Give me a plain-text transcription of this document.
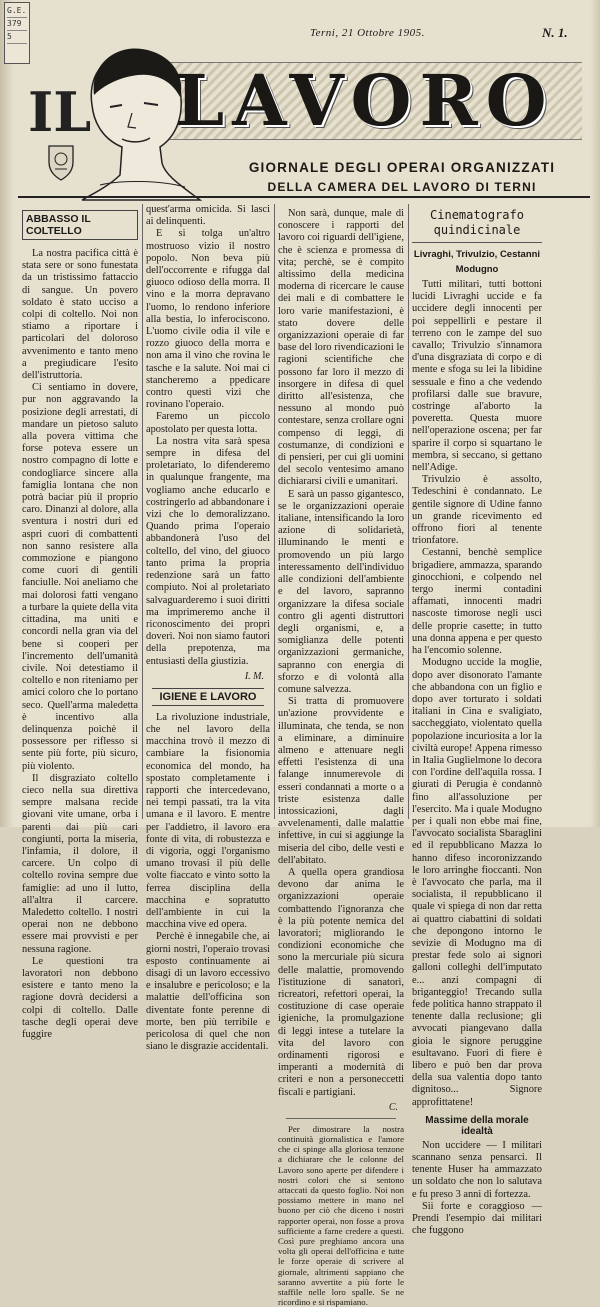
G.E.
379
5	Terni, 21 Ottobre 1905.	N. 1.
IL LAVORO
GIORNALE DEGLI OPERAI ORGANIZZATI
DELLA CAMERA DEL LAVORO DI TERNI
ABBASSO IL COLTELLO

La nostra pacifica città è stata sere or sono funestata da un tristissimo fattaccio di sangue. Un povero soldato è stato ucciso a colpi di coltello. Noi non stiamo a riportare i particolari del doloroso avvenimento e tanto meno a pregiudicare l'esito dell'istruttoria.

Ci sentiamo in dovere, pur non aggravando la posizione degli arrestati, di mandare un pietoso saluto alla povera vittima che forse poteva essere un nostro compagno di lotte e condogliarce sincere alla famiglia lontana che non potrà baciar più il proprio caro. Dinanzi al dolore, alla sventura i nostri duri ed aspri cuori di combattenti non sanno resistere alla commozione e piangono come cuori di gentili fanciulle. Noi aneliamo che mai dolorosi fatti vengano a turbare la quiete della vita cittadina, ma uniti e concordi nella gran via del bene si cooperi per l'incremento dell'umanità civile. Noi detestiamo il coltello e non riteniamo per amici coloro che lo portano seco. Quell'arma maledetta è incentivo alla delinquenza poichè il possessore per riflesso si sente più forte, più sicuro, più violento.

Il disgraziato coltello cieco nella sua direttiva sempre malsana recide giovani vite umane, orba i parenti dai più cari congiunti, porta la miseria, l'infamia, il dolore, il carcere. Un colpo di coltello rovina sempre due famiglie: ad uno il lutto, all'altra il carcere. Maledetto coltello. I nostri operai non ne debbono essere mai provvisti e per nessuna ragione.

Le questioni tra lavoratori non debbono esistere e tanto meno la ragione dovrà decidersi a colpi di coltello. Dalle tasche degli operai deve fuggire

quest'arma omicida. Si lasci ai delinquenti.

E si tolga un'altro mostruoso vizio il nostro popolo. Non beva più dell'occorrente e rifugga dal giuoco odioso della morra. Il vino e la morra depravano l'uomo, lo rendono inferiore alla bestia, lo inferociscono. L'uomo civile odia il vile e rozzo giuoco della morra e non ama il vino che rovina le tasche e la salute. Noi mai ci stancheremo a ppedicare contro questi vizi che rovinano l'operaio.

Faremo un piccolo apostolato per questa lotta.

La nostra vita sarà spesa sempre in difesa del proletariato, lo difenderemo in qualunque frangente, ma vogliamo anche educarlo e costringerlo ad abbandonare i vizi che lo demoralizzano. Quando prima l'operaio abbandonerà l'uso del coltello, del vino, del giuoco tanto prima la propria redenzione sarà un fatto compiuto. Noi al proletariato salvaguarderemo i suoi diritti ma imprimeremo anche il riconoscimento dei propri doveri. Noi non siamo fautori della prepotenza, ma entusiasti della giustizia.

I. M.
IGIENE E LAVORO

La rivoluzione industriale, che nel lavoro della macchina trovò il mezzo di cambiare la fisionomia economica del mondo, ha spostato completamente i rapporti che intercedevano, nei tempi passati, tra la vita umana e il lavoro. E mentre per l'addietro, il lavoro era fonte di vita, di robustezza e di vigoria, oggi l'organismo umano trovasi il più delle volte fiaccato e vinto sotto la ferrea disciplina della macchina e sopratutto dell'ambiente in cui la macchina vive ed opera.

Perchè è innegabile che, ai giorni nostri, l'operaio trovasi esposto continuamente ai disagi di un lavoro eccessivo e insalubre e pericoloso; e la malattie dell'officina son diventate fonte perenne di morte, ben più terribile e pericolosa di quel che non siano le disgrazie accidentali.

Non sarà, dunque, male di conoscere i rapporti del lavoro coi riguardi dell'igiene, che è scienza e promessa di vita; perchè, se è compito altissimo della medicina moderna di ricercare le cause dei mali e di combattere le loro varie manifestazioni, è stato dovere delle organizzazioni operaie di far base del loro rivendicazioni le ragioni scientifiche che possono far loro il mezzo di insorgere in difesa di quel diritto all'esistenza, che nessuno al mondo può contestare, senza crollare ogni compenso di leggi, di costumanze, di condizioni e di pensieri, per cui gli uomini del secolo ventesimo amano dichiararsi civili e umanitari.

E sarà un passo gigantesco, se le organizzazioni operaie italiane, intensificando la loro azione di solidarietà, illuminando le menti e promovendo un più largo interessamento dell'individuo alle condizioni dell'ambiente e del lavoro, sapranno organizzare la difesa sociale contro gli agenti distruttori degli organismi, e, a somiglianza delle potenti organizzazioni germaniche, sapranno con energia di sforzo e di volontà alla comune salvezza.

Si tratta di promuovere un'azione provvidente e illuminata, che tenda, se non a eliminare, a diminuire almeno e attenuare negli effetti l'esistenza di una falange innumerevole di esseri condannati a morte o a triste esistenza dalle intossicazioni, dagli avvelenamenti, dalle malattie infettive, in cui si aggiunge la miseria del cibo, delle vesti e dell'abitato.

A quella opera grandiosa devono dar anima le organizzazioni operaie combattendo l'ignoranza che è la più potente nemica del lavoratori; migliorando le condizioni economiche che sono la mercuriale più sicura delle malattie, promovendo l'istituzione di sanatori, ricreatori, refettori operai, la costituzione di case operaie igieniche, la promulgazione di leggi intese a tutelare la vita del lavoro con ordinamenti rigorosi e imperanti a modernità di criteri e non a personeccetti fiscali e partigiani.

C.

Per dimostrare la nostra continuità giornalistica e l'amore che ci spinge alla gloriosa tenzone a dichiarare che le colonne del Lavoro sono aperte per difendere i nostri colori che si sentono attaccati da questo foglio. Noi non possiamo mettere in mano nel buono per ciò che diceno i nostri rapporter operai, non fosse a prova sufficiente a farne credere a questi. Così pure preghiamo ancora una volta gli operai dell'officina e tutte le forze operaie di scrivere al giornale, altrimenti sappiano che saranno avvertite a più forte le staffile nelle loro spalle. Se ne ricordino e si rispamiano.

Cinematografo
quindicinale
Livraghi, Trivulzio, Cestanni
Modugno

Tutti militari, tutti bottoni lucidi Livraghi uccide e fa uccidere degli innocenti per poi seppellirli e pestare il terreno con le zampe del suo cavallo; Trivulzio s'innamora d'una disgraziata di corpo e di mente e sfoga su lei la libidine sessuale e fino a che vedendo profilarsi dalle sue bravure, costringe al'aborto la poveretta. Questa muore nell'operazione oscena; per far sparire il corpo si squartano le membra, si seccano, si gettano nell'Adige.

Trivulzio è assolto, Tedeschini è condannato. Le gentile signore di Udine fanno un grande ricevimento ed offrono fiori al tenente trionfatore.

Cestanni, benchè semplice brigadiere, ammazza, sparando ginocchioni, e colpendo nel tergo inermi contadini affamati, innocenti madri nascoste timorose negli usci delle proprie casette; in tutto una donna appena e per questo ha l'encomio solenne.

Modugno uccide la moglie, dopo aver disonorato l'amante che abbandona con un figlio e dopo aver torturato i soldati italiani in Cina e svaligiato, saccheggiato, violentato quella popolazione incuriosita a lor la civiltà europe! Appena rimesso in Italia Guglielmone lo decora con l'ordine dell'aquila rossa. I giurati di Perugia è condannò fino all'assoluzione per l'esercito. Ma i quale Modugno per i quali non ebbe mai fine, l'avvocato socialista Sbaraglini ed il repubblicano Mazza lo hanno difeso incoronizzando le loro arringhe fioccanti. Non è l'avvocato che parla, ma il socialista, il repubblicano il quale vi spiega di non dar retta ai quattro ciabattini di soldati che depongono intorno le sevizie di Modugno ma di prestar fede solo ai signori galloni colleghi dell'imputato e... anzi compagni di briganteggio! Trecando sulla fede politica hanno strappato il tenente dalla reclusione; gli avvocati piangevano dalla gioia le signore peruggine esultavano. Fuori di fiere è libero e può ben dar prova della sua valentia dopo tanto dignitoso... Signore approfittatene!

Massime della morale idealtà

Non uccidere — I militari scannano senza pensarci. Il tenente Huser ha ammazzato un soldato che non lo salutava e fu preso 3 anni di fortezza.

Sii forte e coraggioso — Prendi l'esempio dai militari che fuggono
